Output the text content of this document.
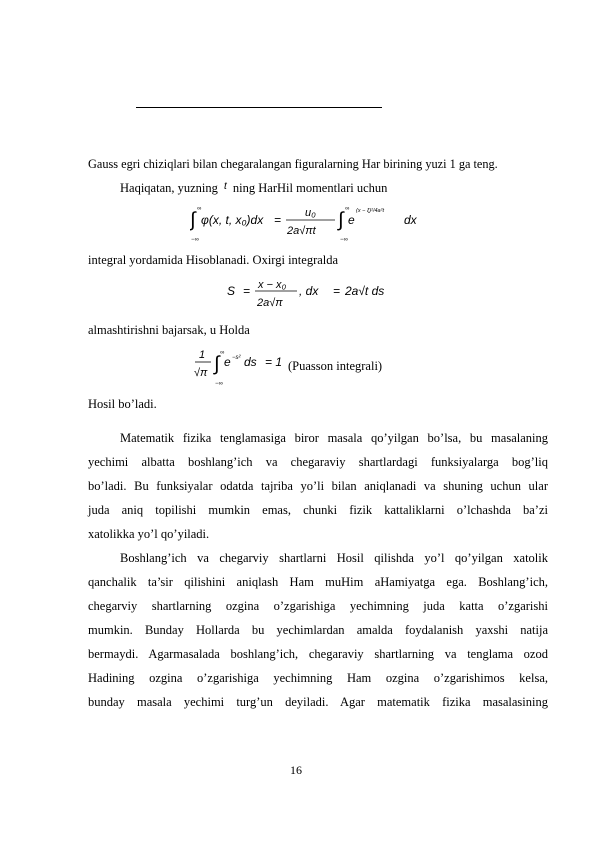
Gauss egri chiziqlari bilan chegaralangan figuralarning Har birining yuzi 1 ga teng.
Haqiqatan, yuzning $^t$ ning HarHil momentlari uchun
∫ ∞
−∞
φ(x, t, x₀)dx = u₀
2a√πt ∫ ∞
−∞
e
(x − ξ)²/4a²t
dx
integral yordamida Hisoblanadi. Oxirgi integralda
S = x − x₀
2a√π
, dx = 2a√t ds
almashtirishni bajarsak, u Holda
1
√π ∫ ∞
−∞
e −s² ds = 1 (Puasson integrali)
Hosil bo’ladi.
Matematik fizika tenglamasiga biror masala qo’yilgan bo’lsa, bu masalaning
yechimi albatta boshlang’ich va chegaraviy shartlardagi funksiyalarga bog’liq
bo’ladi. Bu funksiyalar odatda tajriba yo’li bilan aniqlanadi va shuning uchun ular
juda aniq topilishi mumkin emas, chunki fizik kattaliklarni o’lchashda ba’zi
xatolikka yo’l qo’yiladi.
Boshlang’ich va chegarviy shartlarni Hosil qilishda yo’l qo’yilgan xatolik
qanchalik ta’sir qilishini aniqlash Ham muHim aHamiyatga ega. Boshlang’ich,
chegarviy shartlarning ozgina o’zgarishiga yechimning juda katta o’zgarishi
mumkin. Bunday Hollarda bu yechimlardan amalda foydalanish yaxshi natija
bermaydi. Agarmasalada boshlang’ich, chegaraviy shartlarning va tenglama ozod
Hadining ozgina o’zgarishiga yechimning Ham ozgina o’zgarishimos kelsa,
bunday masala yechimi turg’un deyiladi. Agar matematik fizika masalasining
16
